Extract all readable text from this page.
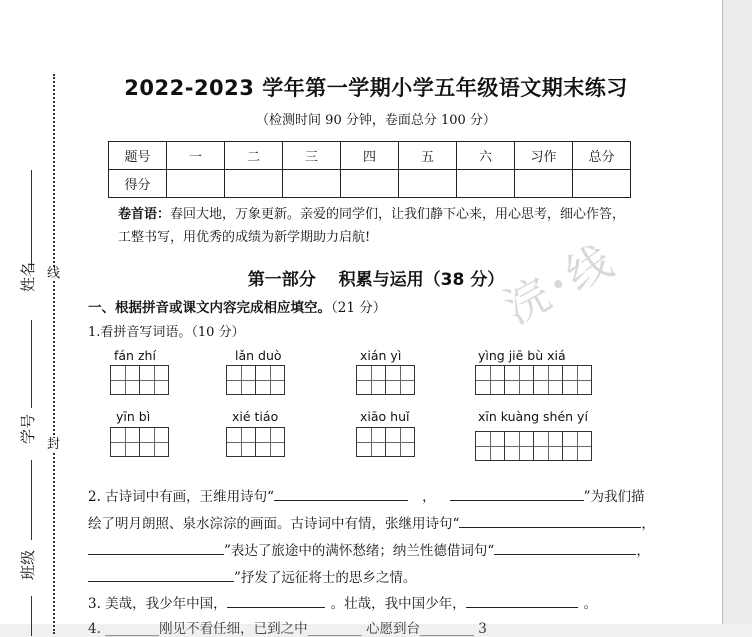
姓名 线
学号
封
班级
2022-2023 学年第一学期小学五年级语文期末练习
（检测时间 90 分钟，卷面总分 100 分）
题号	一	二	三	四	五	六	习作	总分
得分								
卷首语：春回大地，万象更新。亲爱的同学们，让我们静下心来，用心思考，细心作答，
工整书写，用优秀的成绩为新学期助力启航!
浣 ꞏ 线
第一部分　 积累与运用（38 分）
一、根据拼音或课文内容完成相应填空。（21 分）
1.看拼音写词语。（10 分）
fán zhí	lǎn duò	xián yì	yìng jiē bù xiá
yīn bì	xié tiáo	xiāo huǐ	xīn kuàng shén yí
2. 古诗词中有画，王维用诗句“	，	”为我们描
绘了明月朗照、泉水淙淙的画面。古诗词中有情，张继用诗句“	，
”表达了旅途中的满怀愁绪；纳兰性德借词句“	，
”抒发了远征将士的思乡之情。
3. 美哉，我少年中国，	。壮哉，我中国少年，	。
4. ________刚见不看任细，已到之中________ 心愿到台________ 3
